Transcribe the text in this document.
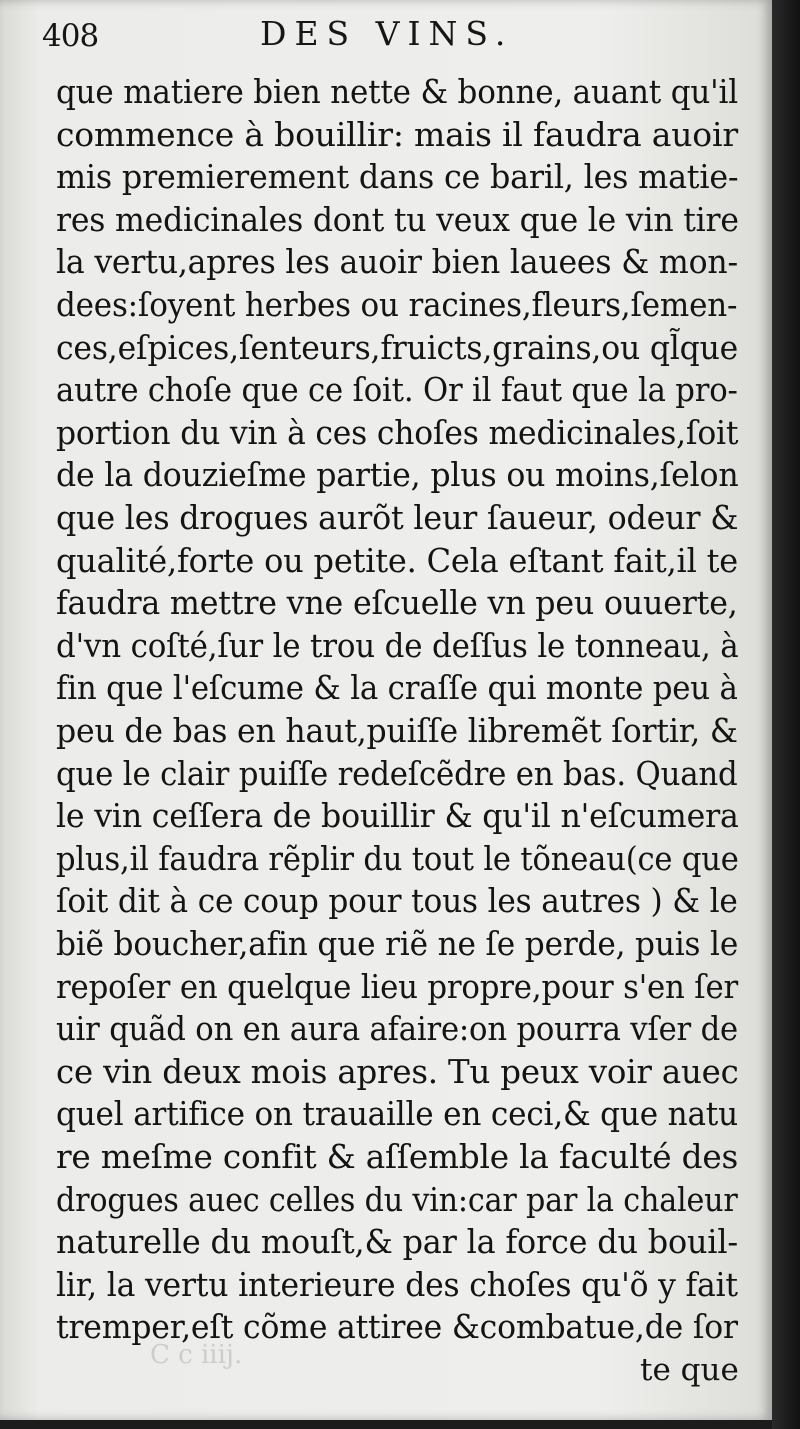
408	DES VINS.
que matiere bien nette & bonne, auant qu'il
commence à bouillir: mais il faudra auoir
mis premierement dans ce baril, les matie-
res medicinales dont tu veux que le vin tire
la vertu,apres les auoir bien lauees & mon-
dees:ſoyent herbes ou racines,fleurs,ſemen-
ces,eſpices,ſenteurs,fruicts,grains,ou ql̃que
autre choſe que ce ſoit. Or il faut que la pro-
portion du vin à ces choſes medicinales,ſoit
de la douzieſme partie, plus ou moins,ſelon
que les drogues aurõt leur ſaueur, odeur &
qualité,forte ou petite. Cela eſtant fait,il te
faudra mettre vne eſcuelle vn peu ouuerte,
d'vn coſté,ſur le trou de deſſus le tonneau, à
fin que l'eſcume & la craſſe qui monte peu à
peu de bas en haut,puiſſe libremẽt ſortir, &
que le clair puiſſe redeſcẽdre en bas. Quand
le vin ceſſera de bouillir & qu'il n'eſcumera
plus,il faudra rẽplir du tout le tõneau(ce que
ſoit dit à ce coup pour tous les autres ) & le
biẽ boucher,afin que riẽ ne ſe perde, puis le
repoſer en quelque lieu propre,pour s'en ſer
uir quãd on en aura afaire:on pourra vſer de
ce vin deux mois apres. Tu peux voir auec
quel artifice on trauaille en ceci,& que natu
re meſme confit & aſſemble la faculté des
drogues auec celles du vin:car par la chaleur
naturelle du mouſt,& par la force du bouil-
lir, la vertu interieure des choſes qu'õ y fait
tremper,eſt cõme attiree &combatue,de ſor
C c iiij.	te que
